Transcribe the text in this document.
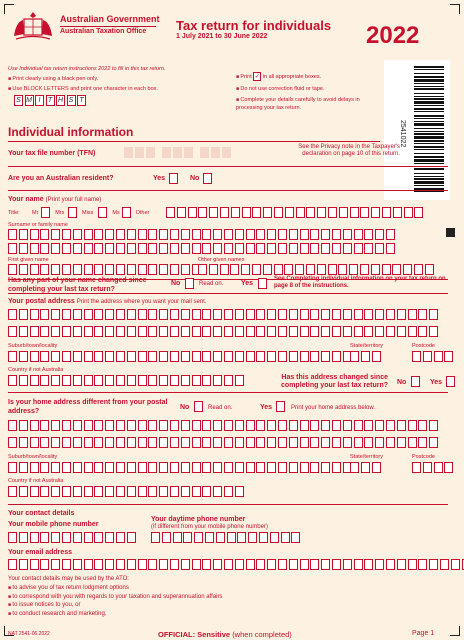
Australian Government
Australian Taxation Office Tax return for individuals
1 July 2021 to 30 June 2022	2022
2541022
Use Individual tax return instructions 2022 to fill in this tax return.
■ Print clearly using a black pen only.
■ Use BLOCK LETTERS and print one character in each box.
S M I	T H S T
■ Print ✓ in all appropriate boxes.
■ Do not use correction fluid or tape.
■ Complete your details carefully to avoid delays in processing your tax return.
Individual information
Your tax file number (TFN)
See the Privacy note in the Taxpayer's declaration on page 10 of this return.
Are you an Australian resident?	Yes	No
Your name (Print your full name)
Title: Mr	Mrs	Miss	Ms	Other
Surname or family name
First given name	Other given names
Has any part of your name changed since completing your last tax return?
No	Read on.	Yes
See Completing individual information on your tax return on page 8 of the instructions.
Your postal address Print the address where you want your mail sent.
Suburb/town/locality	State/territory	Postcode
Country if not Australia
Has this address changed since completing your last tax return? No	Yes
Is your home address different from your postal address?
No	Read on.	Yes	Print your home address below.
Suburb/town/locality	State/territory	Postcode
Country if not Australia
Your contact details
Your mobile phone number
Your daytime phone number
(if different from your mobile phone number)
Your email address
Your contact details may be used by the ATO:
■ to advise you of tax return lodgment options
■ to correspond with you with regards to your taxation and superannuation affairs
■ to issue notices to you, or
■ to conduct research and marketing.
NAT 2541-06.2022	OFFICIAL: Sensitive (when completed)	Page 1
